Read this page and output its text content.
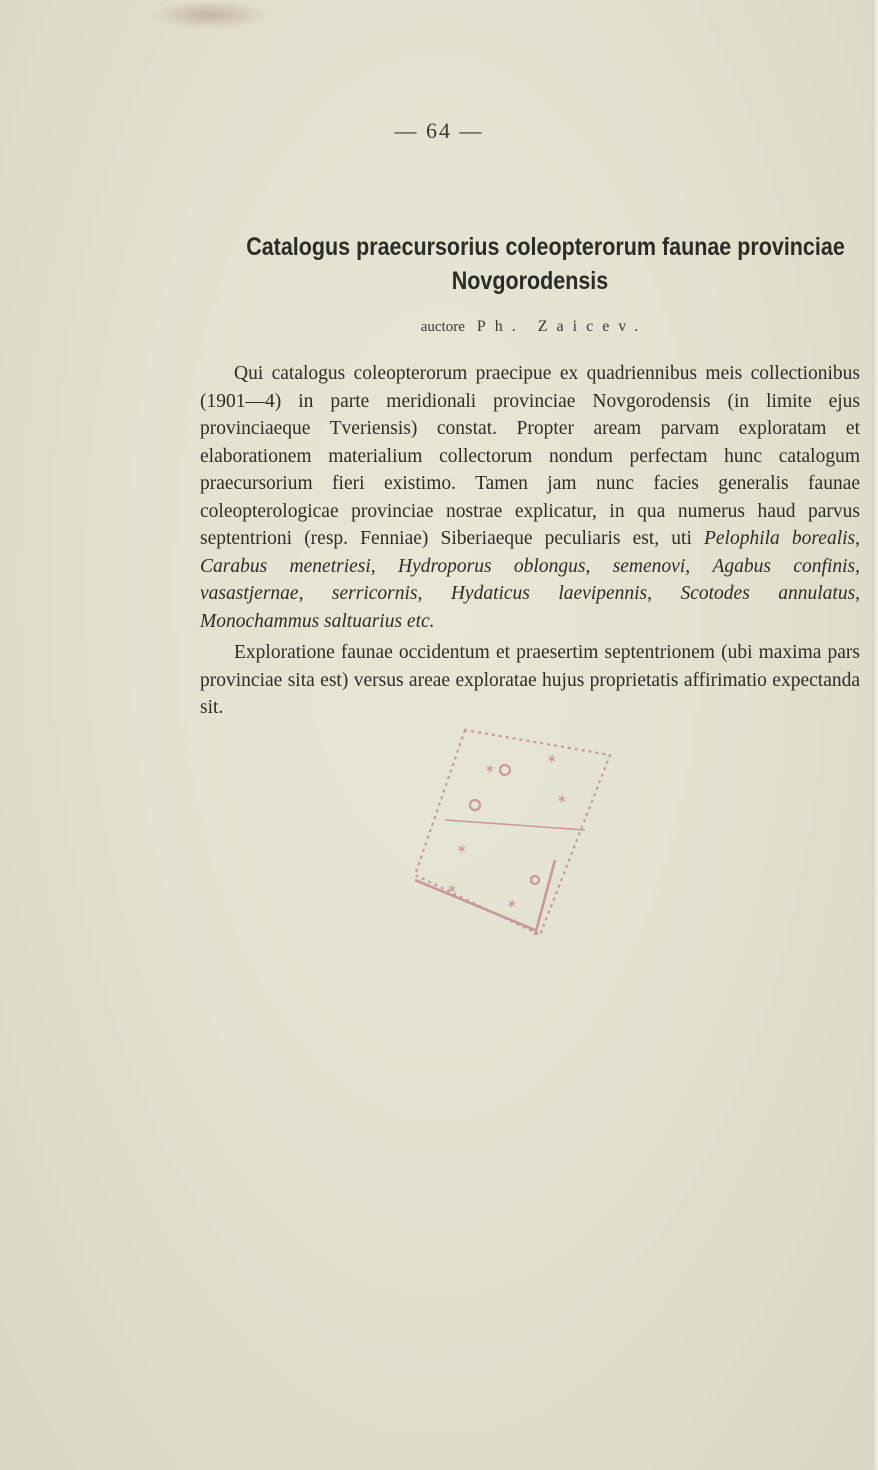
— 64 —
Catalogus praecursorius coleopterorum faunae provinciae
Novgorodensis
auctore Ph. Zaicev.

Qui catalogus coleopterorum praecipue ex quadriennibus meis collectionibus (1901—4) in parte meridionali provinciae Novgorodensis (in limite ejus provinciaeque Tveriensis) constat. Propter aream parvam exploratam et elaborationem materialium collectorum nondum perfectam hunc catalogum praecursorium fieri existimo. Tamen jam nunc facies generalis faunae coleopterologicae provinciae nostrae explicatur, in qua numerus haud parvus septentrioni (resp. Fenniae) Siberiaeque peculiaris est, uti Pelophila borealis, Carabus menetriesi, Hydroporus oblongus, semenovi, Agabus confinis, vasastjernae, serricornis, Hydaticus laevipennis, Scotodes annulatus, Monochammus saltuarius etc.

Exploratione faunae occidentum et praesertim septentrionem (ubi maxima pars provinciae sita est) versus areae exploratae hujus proprietatis affirimatio expectanda sit.

✶
✶
✶
✶
✶
✶
